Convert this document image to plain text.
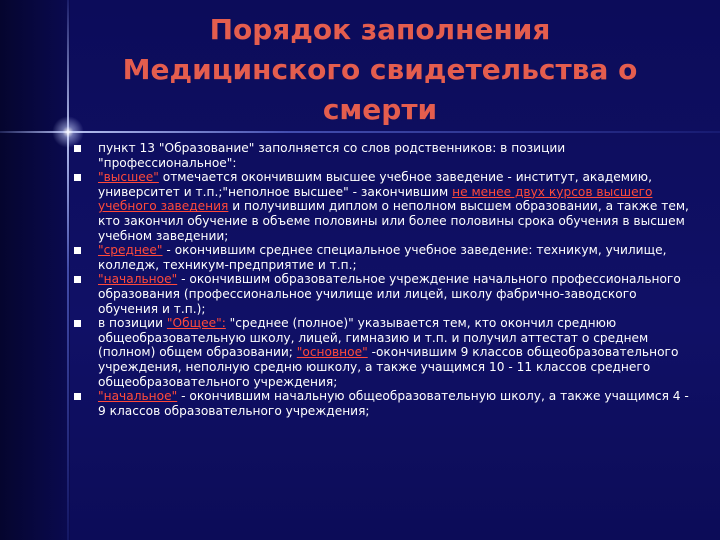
Порядок заполнения
Медицинского свидетельства о
смерти

пункт 13 "Образование" заполняется со слов родственников: в позиции "профессиональное":

"высшее" отмечается окончившим высшее учебное заведение - институт, академию, университет и т.п.;"неполное высшее" - закончившим не менее двух курсов высшего учебного заведения и получившим диплом о неполном высшем образовании, а также тем, кто закончил обучение в объеме половины или более половины срока обучения в высшем учебном заведении;

"среднее" - окончившим среднее специальное учебное заведение: техникум, училище, колледж, техникум-предприятие и т.п.;

"начальное" - окончившим образовательное учреждение начального профессионального образования (профессиональное училище или лицей, школу фабрично-заводского обучения и т.п.);

в позиции "Общее": "среднее (полное)" указывается тем, кто окончил среднюю общеобразовательную школу, лицей, гимназию и т.п. и получил аттестат о среднем (полном) общем образовании; "основное" -окончившим 9 классов общеобразовательного учреждения, неполную средню юшколу, а также учащимся 10 - 11 классов среднего общеобразовательного учреждения;

"начальное" - окончившим начальную общеобразовательную школу, а также учащимся 4 - 9 классов образовательного учреждения;
